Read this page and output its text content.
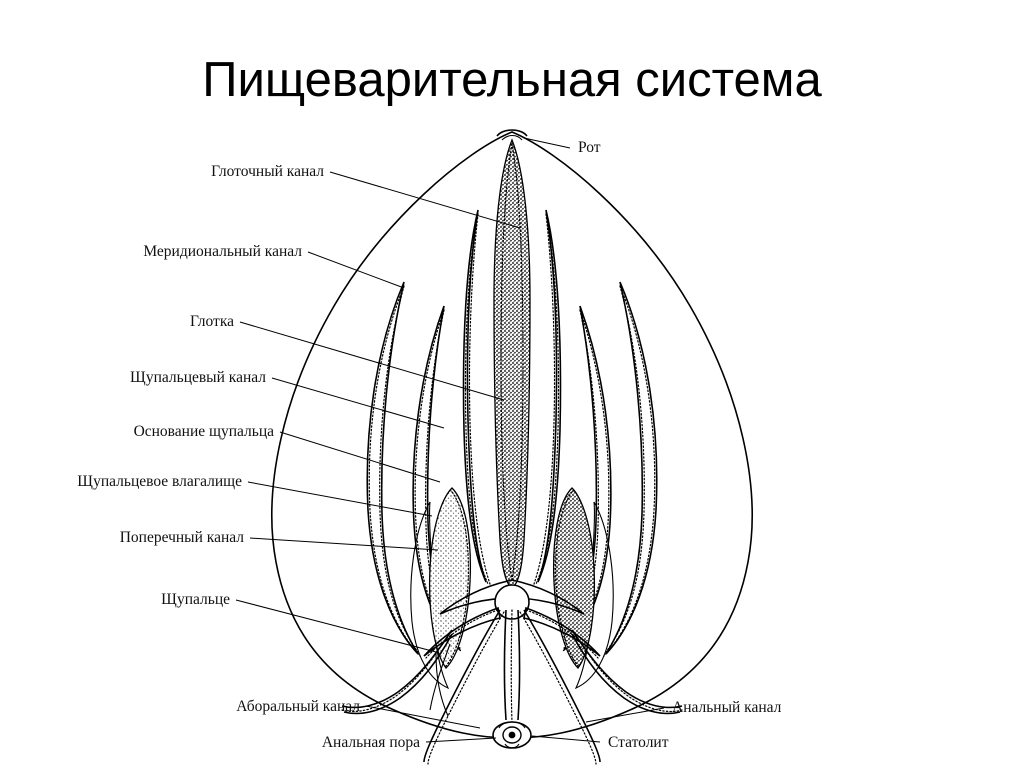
Пищеварительная система
Глоточный канал
Меридиональный канал
Глотка
Щупальцевый канал
Основание щупальца
Щупальцевое влагалище
Поперечный канал
Щупальце
Рот
Анальный канал
Статолит
Аборальный канал
Анальная пора
